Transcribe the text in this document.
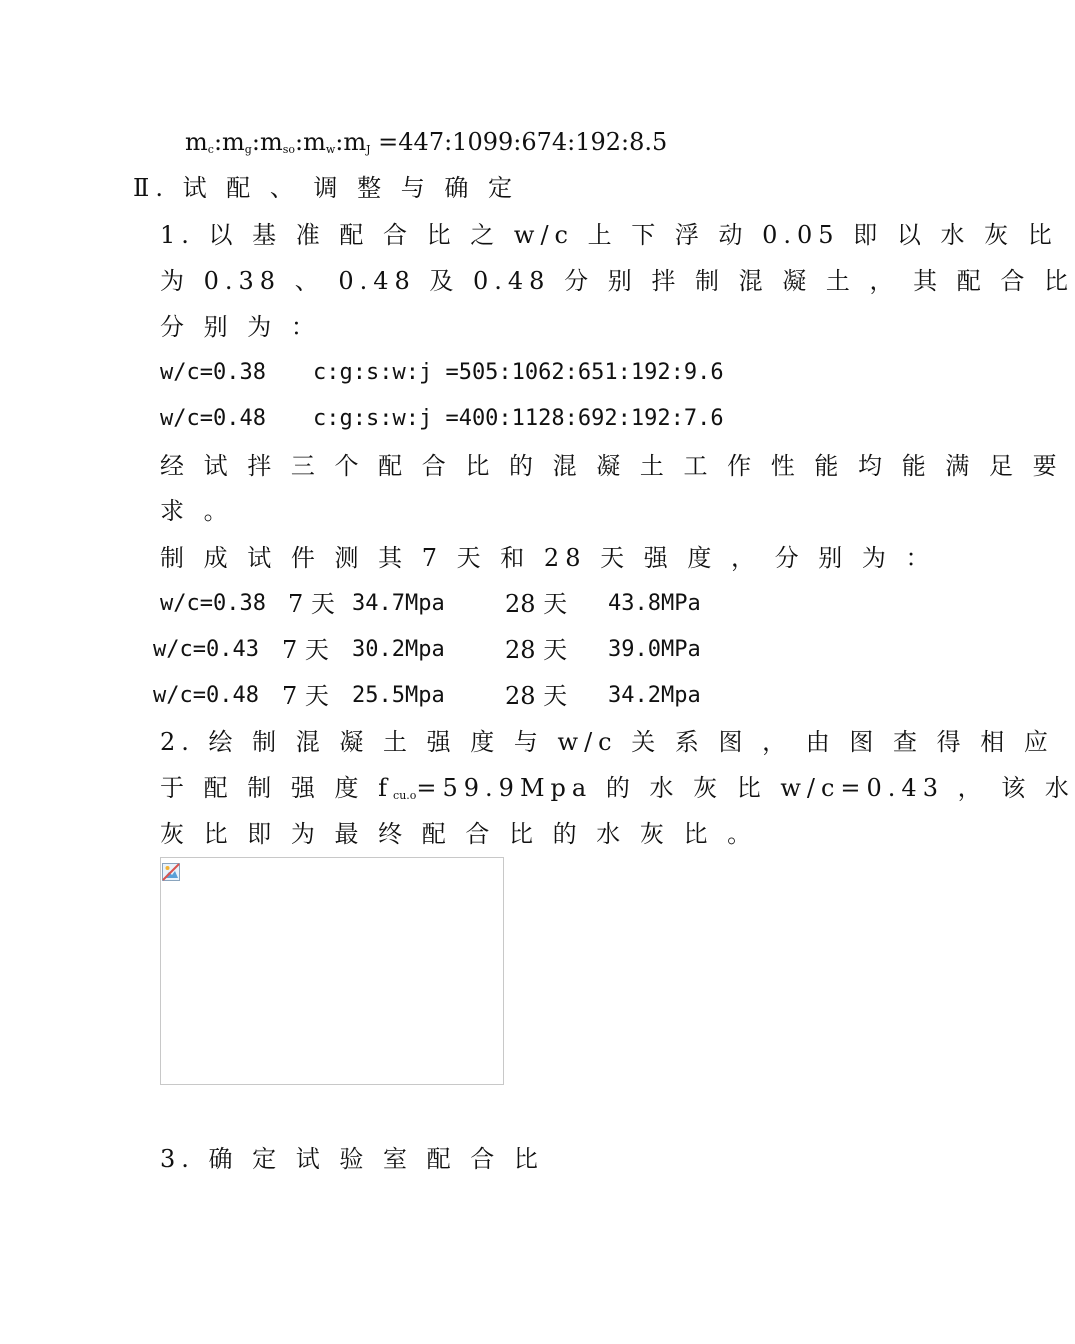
$m_c:m_g:m_{so}:m_w:m_J$ =447:1099:674:192:8.5
Ⅱ. 试 配 、 调 整 与 确 定
1. 以 基 准 配 合 比 之 w/c 上 下 浮 动 0.05 即 以 水 灰 比
为 0.38 、 0.48 及 0.48 分 别 拌 制 混 凝 土 ， 其 配 合 比
分 别 为 ：
w/c=0.38 c:g:s:w:j =505:1062:651:192:9.6
w/c=0.48 c:g:s:w:j =400:1128:692:192:7.6
经 试 拌 三 个 配 合 比 的 混 凝 土 工 作 性 能 均 能 满 足 要
求 。
制 成 试 件 测 其 7 天 和 28 天 强 度 ， 分 别 为 ：
w/c=0.38 7 天 34.7Mpa	28 天 43.8MPa
w/c=0.43 7 天 30.2Mpa	28 天 39.0MPa
w/c=0.48 7 天 25.5Mpa	28 天 34.2Mpa
2. 绘 制 混 凝 土 强 度 与 w/c 关 系 图 ， 由 图 查 得 相 应
于 配 制 强 度 $f_{cu.o}=59.9Mpa$ 的 水 灰 比 w/c=0.43 ， 该 水
灰 比 即 为 最 终 配 合 比 的 水 灰 比 。
3. 确 定 试 验 室 配 合 比
